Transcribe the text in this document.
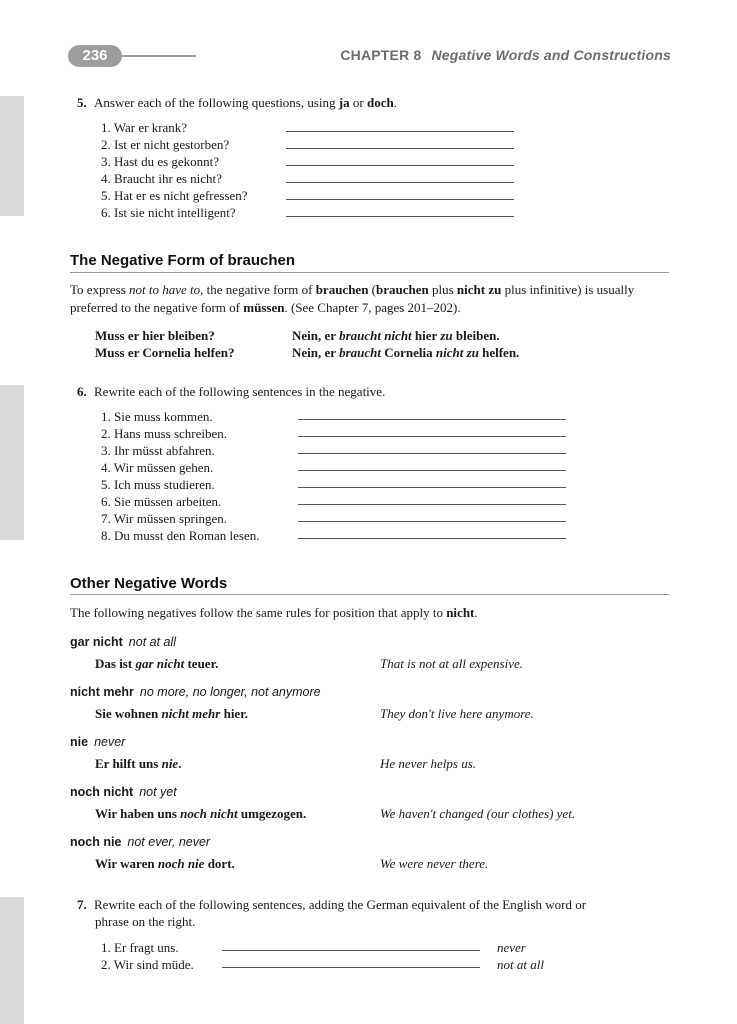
236	CHAPTER 8 Negative Words and Constructions
5. Answer each of the following questions, using ja or doch.
1. War er krank?
2. Ist er nicht gestorben?
3. Hast du es gekonnt?
4. Braucht ihr es nicht?
5. Hat er es nicht gefressen?
6. Ist sie nicht intelligent?
The Negative Form of brauchen
To express not to have to, the negative form of brauchen (brauchen plus nicht zu plus infinitive) is usually preferred to the negative form of müssen. (See Chapter 7, pages 201–202).
Muss er hier bleiben?	Nein, er braucht nicht hier zu bleiben.
Muss er Cornelia helfen?	Nein, er braucht Cornelia nicht zu helfen.
6. Rewrite each of the following sentences in the negative.
1. Sie muss kommen.
2. Hans muss schreiben.
3. Ihr müsst abfahren.
4. Wir müssen gehen.
5. Ich muss studieren.
6. Sie müssen arbeiten.
7. Wir müssen springen.
8. Du musst den Roman lesen.
Other Negative Words
The following negatives follow the same rules for position that apply to nicht.
gar nicht not at all
Das ist gar nicht teuer.	That is not at all expensive.
nicht mehr no more, no longer, not anymore
Sie wohnen nicht mehr hier.	They don't live here anymore.
nie never
Er hilft uns nie.	He never helps us.
noch nicht not yet
Wir haben uns noch nicht umgezogen.	We haven't changed (our clothes) yet.
noch nie not ever, never
Wir waren noch nie dort.	We were never there.
7. Rewrite each of the following sentences, adding the German equivalent of the English word or
phrase on the right.
1. Er fragt uns.	never
2. Wir sind müde.	not at all
